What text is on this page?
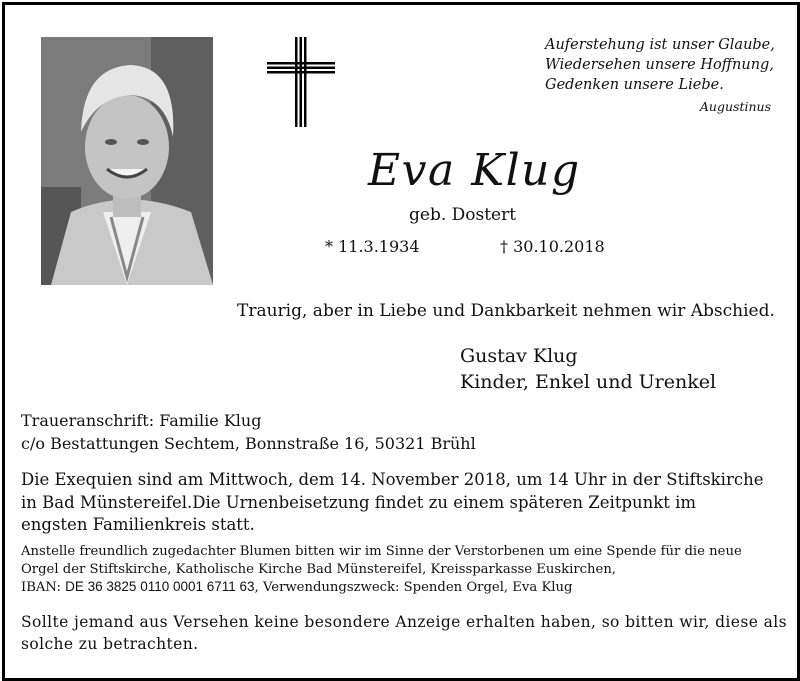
Auferstehung ist unser Glaube,
Wiedersehen unsere Hoffnung,
Gedenken unsere Liebe.
Augustinus
Eva Klug
geb. Dostert
* 11.3.1934	† 30.10.2018
Traurig, aber in Liebe und Dankbarkeit nehmen wir Abschied.
Gustav Klug
Kinder, Enkel und Urenkel
Traueranschrift: Familie Klug
c/o Bestattungen Sechtem, Bonnstraße 16, 50321 Brühl
Die Exequien sind am Mittwoch, dem 14. November 2018, um 14 Uhr in der Stiftskirche
in Bad Münstereifel.Die Urnenbeisetzung findet zu einem späteren Zeitpunkt im
engsten Familienkreis statt.
Anstelle freundlich zugedachter Blumen bitten wir im Sinne der Verstorbenen um eine Spende für die neue
Orgel der Stiftskirche, Katholische Kirche Bad Münstereifel, Kreissparkasse Euskirchen,
IBAN: DE 36 3825 0110 0001 6711 63, Verwendungszweck: Spenden Orgel, Eva Klug
Sollte jemand aus Versehen keine besondere Anzeige erhalten haben, so bitten wir, diese als
solche zu betrachten.
